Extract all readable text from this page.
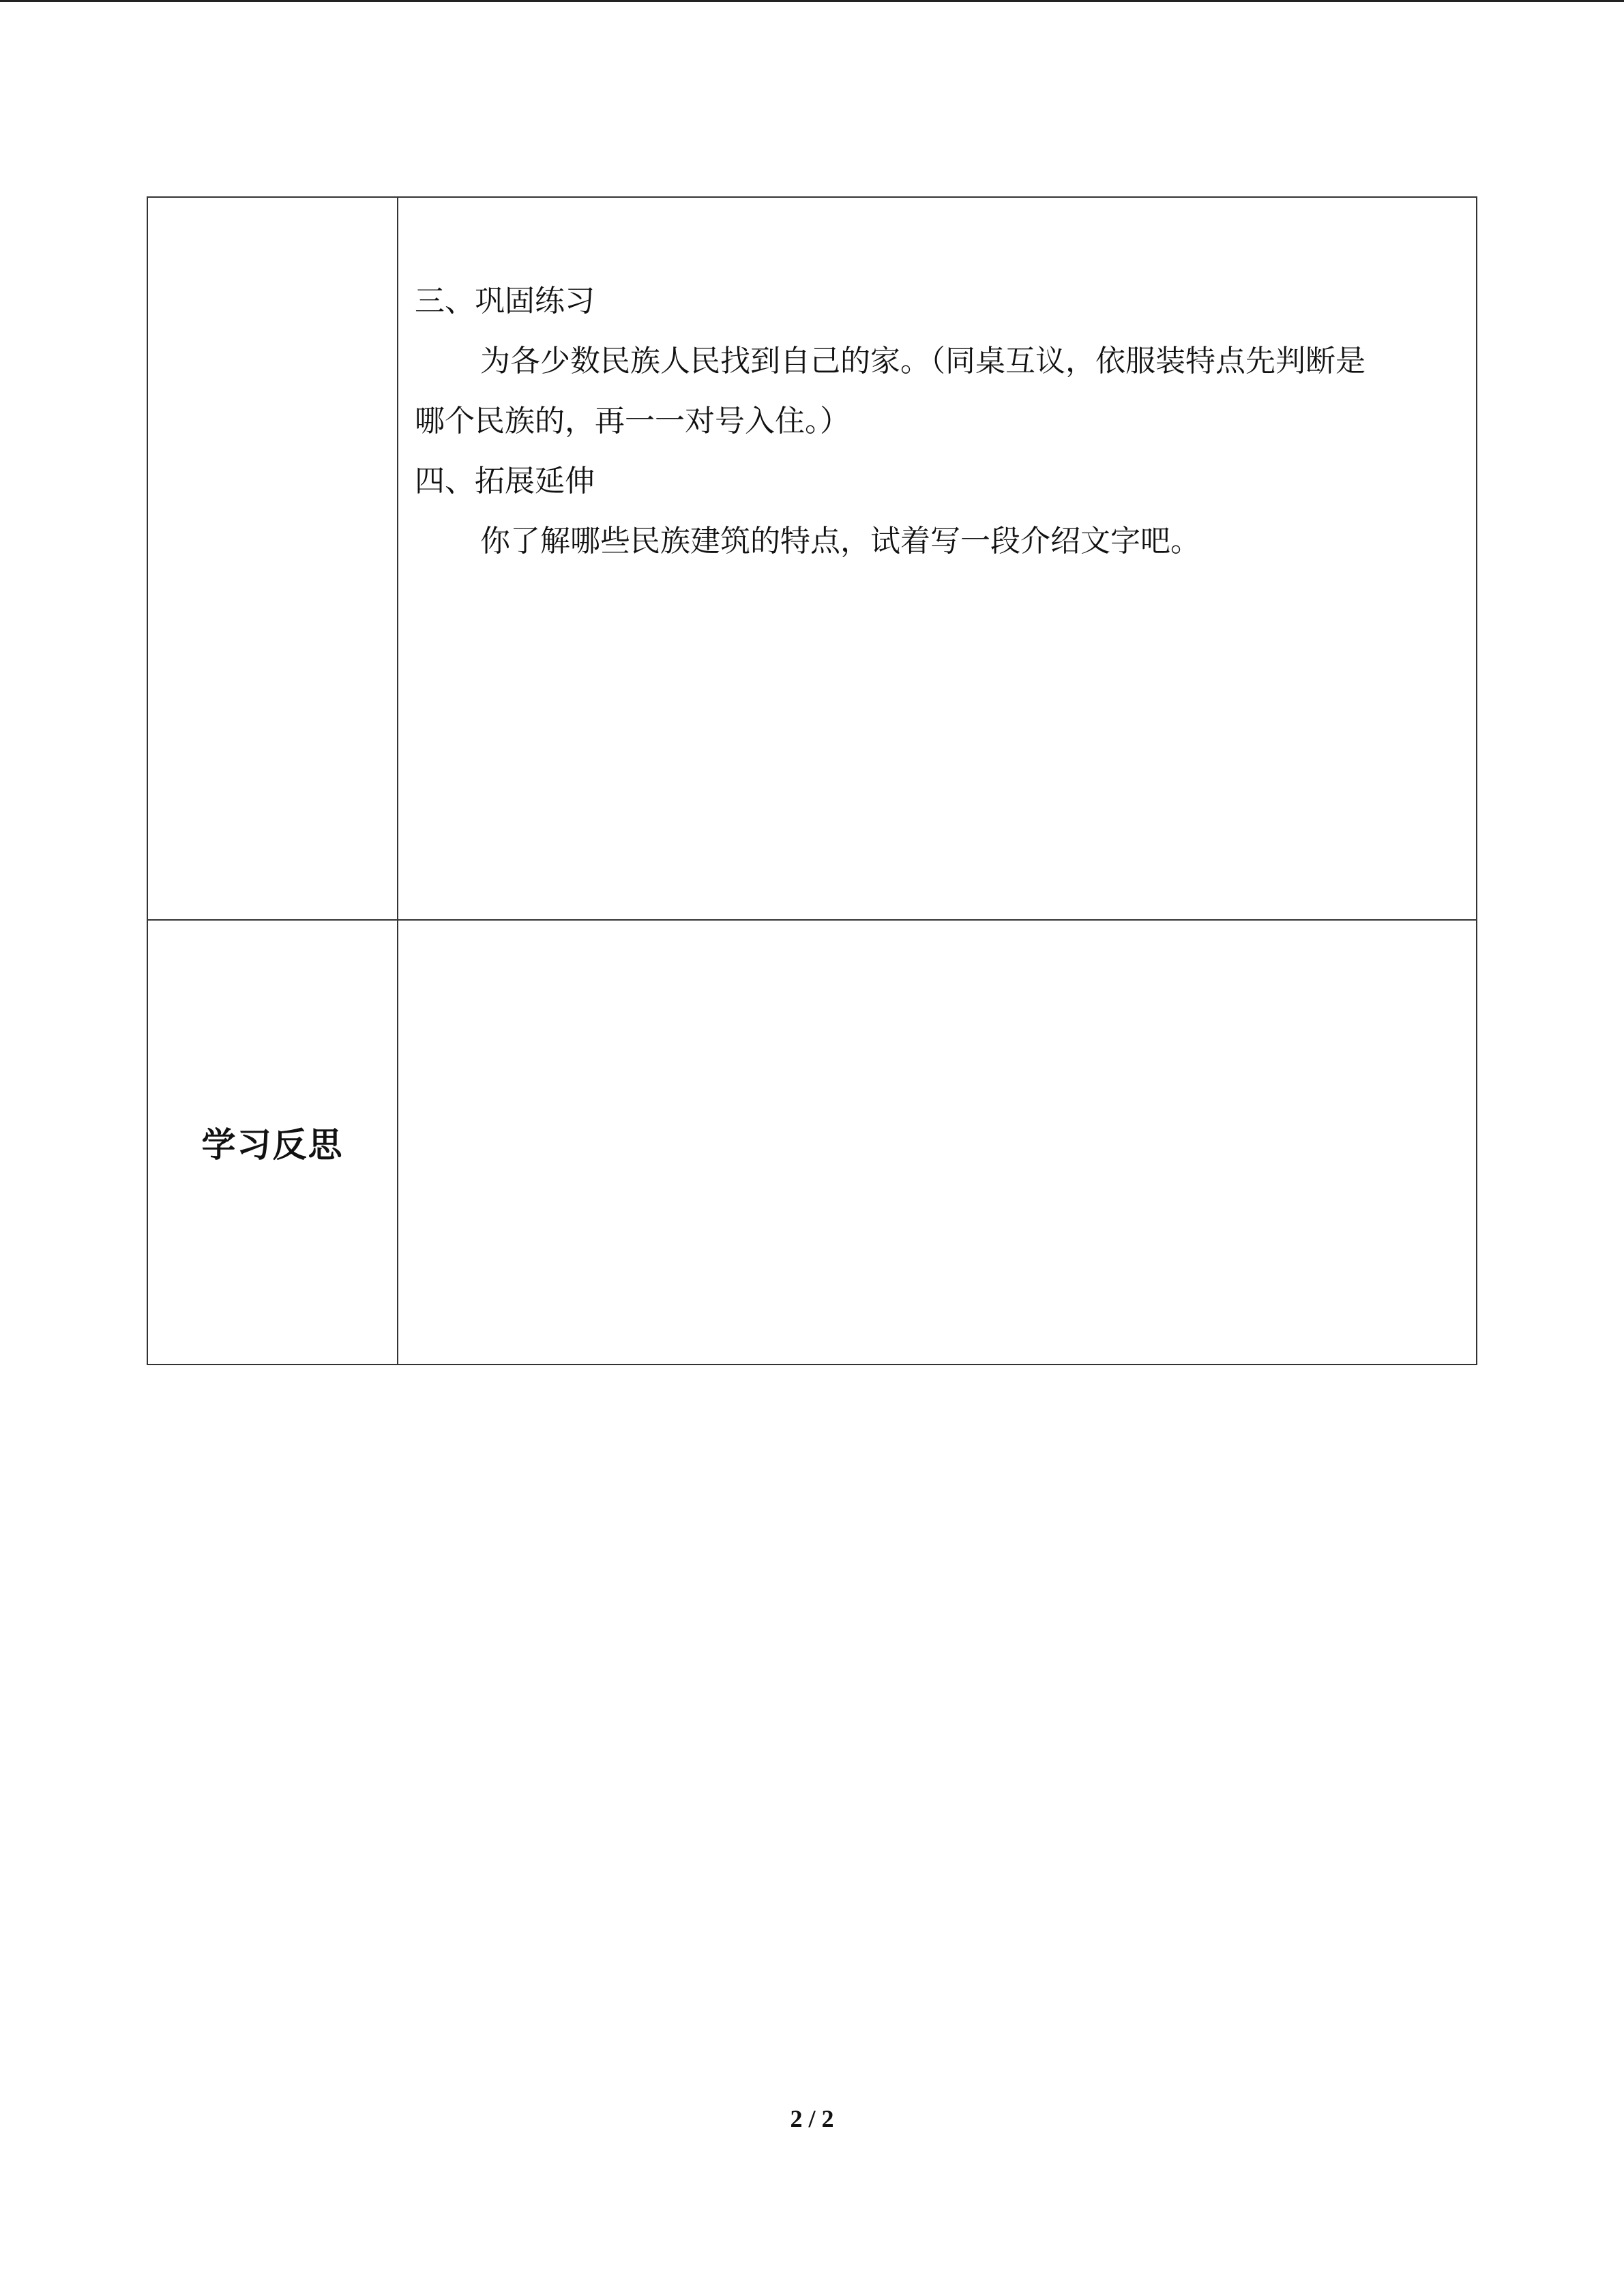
	三、巩固练习

为各少数民族人民找到自己的家。（同桌互议，依服装特点先判断是

哪个民族的，再一一对号入住。）

四、拓展延伸

你了解哪些民族建筑的特点，试着写一段介绍文字吧。

学习反思	
2 / 2
